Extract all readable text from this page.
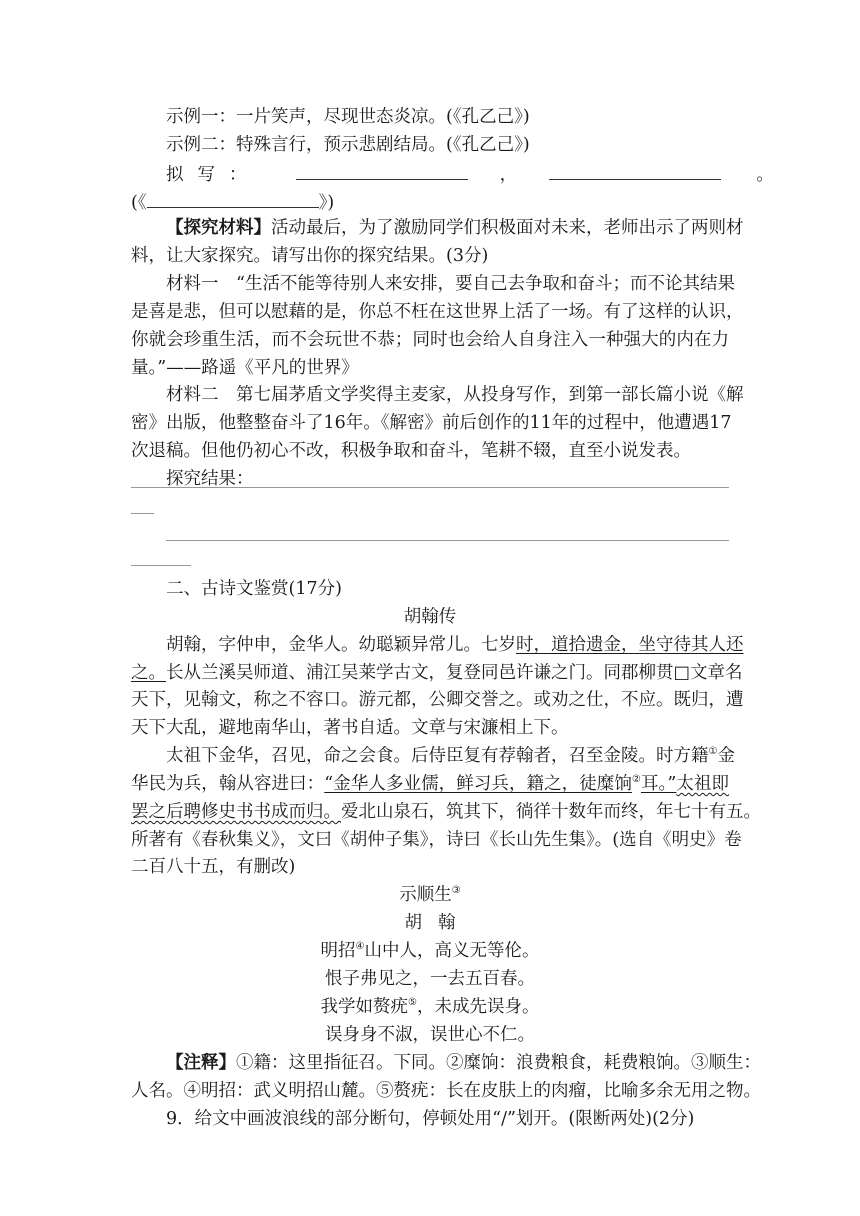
示例一：一片笑声，尽现世态炎凉。(《孔乙己》)
示例二：特殊言行，预示悲剧结局。(《孔乙己》)
拟写：	，	。
(《	》)
【探究材料】活动最后，为了激励同学们积极面对未来，老师出示了两则材
料，让大家探究。请写出你的探究结果。(3分)
材料一　“生活不能等待别人来安排，要自己去争取和奋斗；而不论其结果
是喜是悲，但可以慰藉的是，你总不枉在这世界上活了一场。有了这样的认识，
你就会珍重生活，而不会玩世不恭；同时也会给人自身注入一种强大的内在力
量。”——路遥《平凡的世界》
材料二　第七届茅盾文学奖得主麦家，从投身写作，到第一部长篇小说《解
密》出版，他整整奋斗了16年。《解密》前后创作的11年的过程中，他遭遇17
次退稿。但他仍初心不改，积极争取和奋斗，笔耕不辍，直至小说发表。
探究结果：
二、古诗文鉴赏(17分)
胡翰传
胡翰，字仲申，金华人。幼聪颖异常儿。七岁时，道拾遗金，坐守待其人还
之。长从兰溪吴师道、浦江吴莱学古文，复登同邑许谦之门。同郡柳贯□文章名
天下，见翰文，称之不容口。游元都，公卿交誉之。或劝之仕，不应。既归，遭
天下大乱，避地南华山，著书自适。文章与宋濂相上下。
太祖下金华，召见，命之会食。后侍臣复有荐翰者，召至金陵。时方籍①金
华民为兵，翰从容进曰：“金华人多业儒，鲜习兵，籍之，徒糜饷②耳。”太祖即
罢之后聘修史书书成而归。爱北山泉石，筑其下，徜徉十数年而终，年七十有五。
所著有《春秋集义》，文曰《胡仲子集》，诗曰《长山先生集》。(选自《明史》卷
二百八十五，有删改)
示顺生③
胡翰
明招④山中人，高义无等伦。
恨子弗见之，一去五百春。
我学如赘疣⑤，未成先误身。
误身身不淑，误世心不仁。
【注释】①籍：这里指征召。下同。②糜饷：浪费粮食，耗费粮饷。③顺生：
人名。④明招：武义明招山麓。⑤赘疣：长在皮肤上的肉瘤，比喻多余无用之物。
9．给文中画波浪线的部分断句，停顿处用“/”划开。(限断两处)(2分)
